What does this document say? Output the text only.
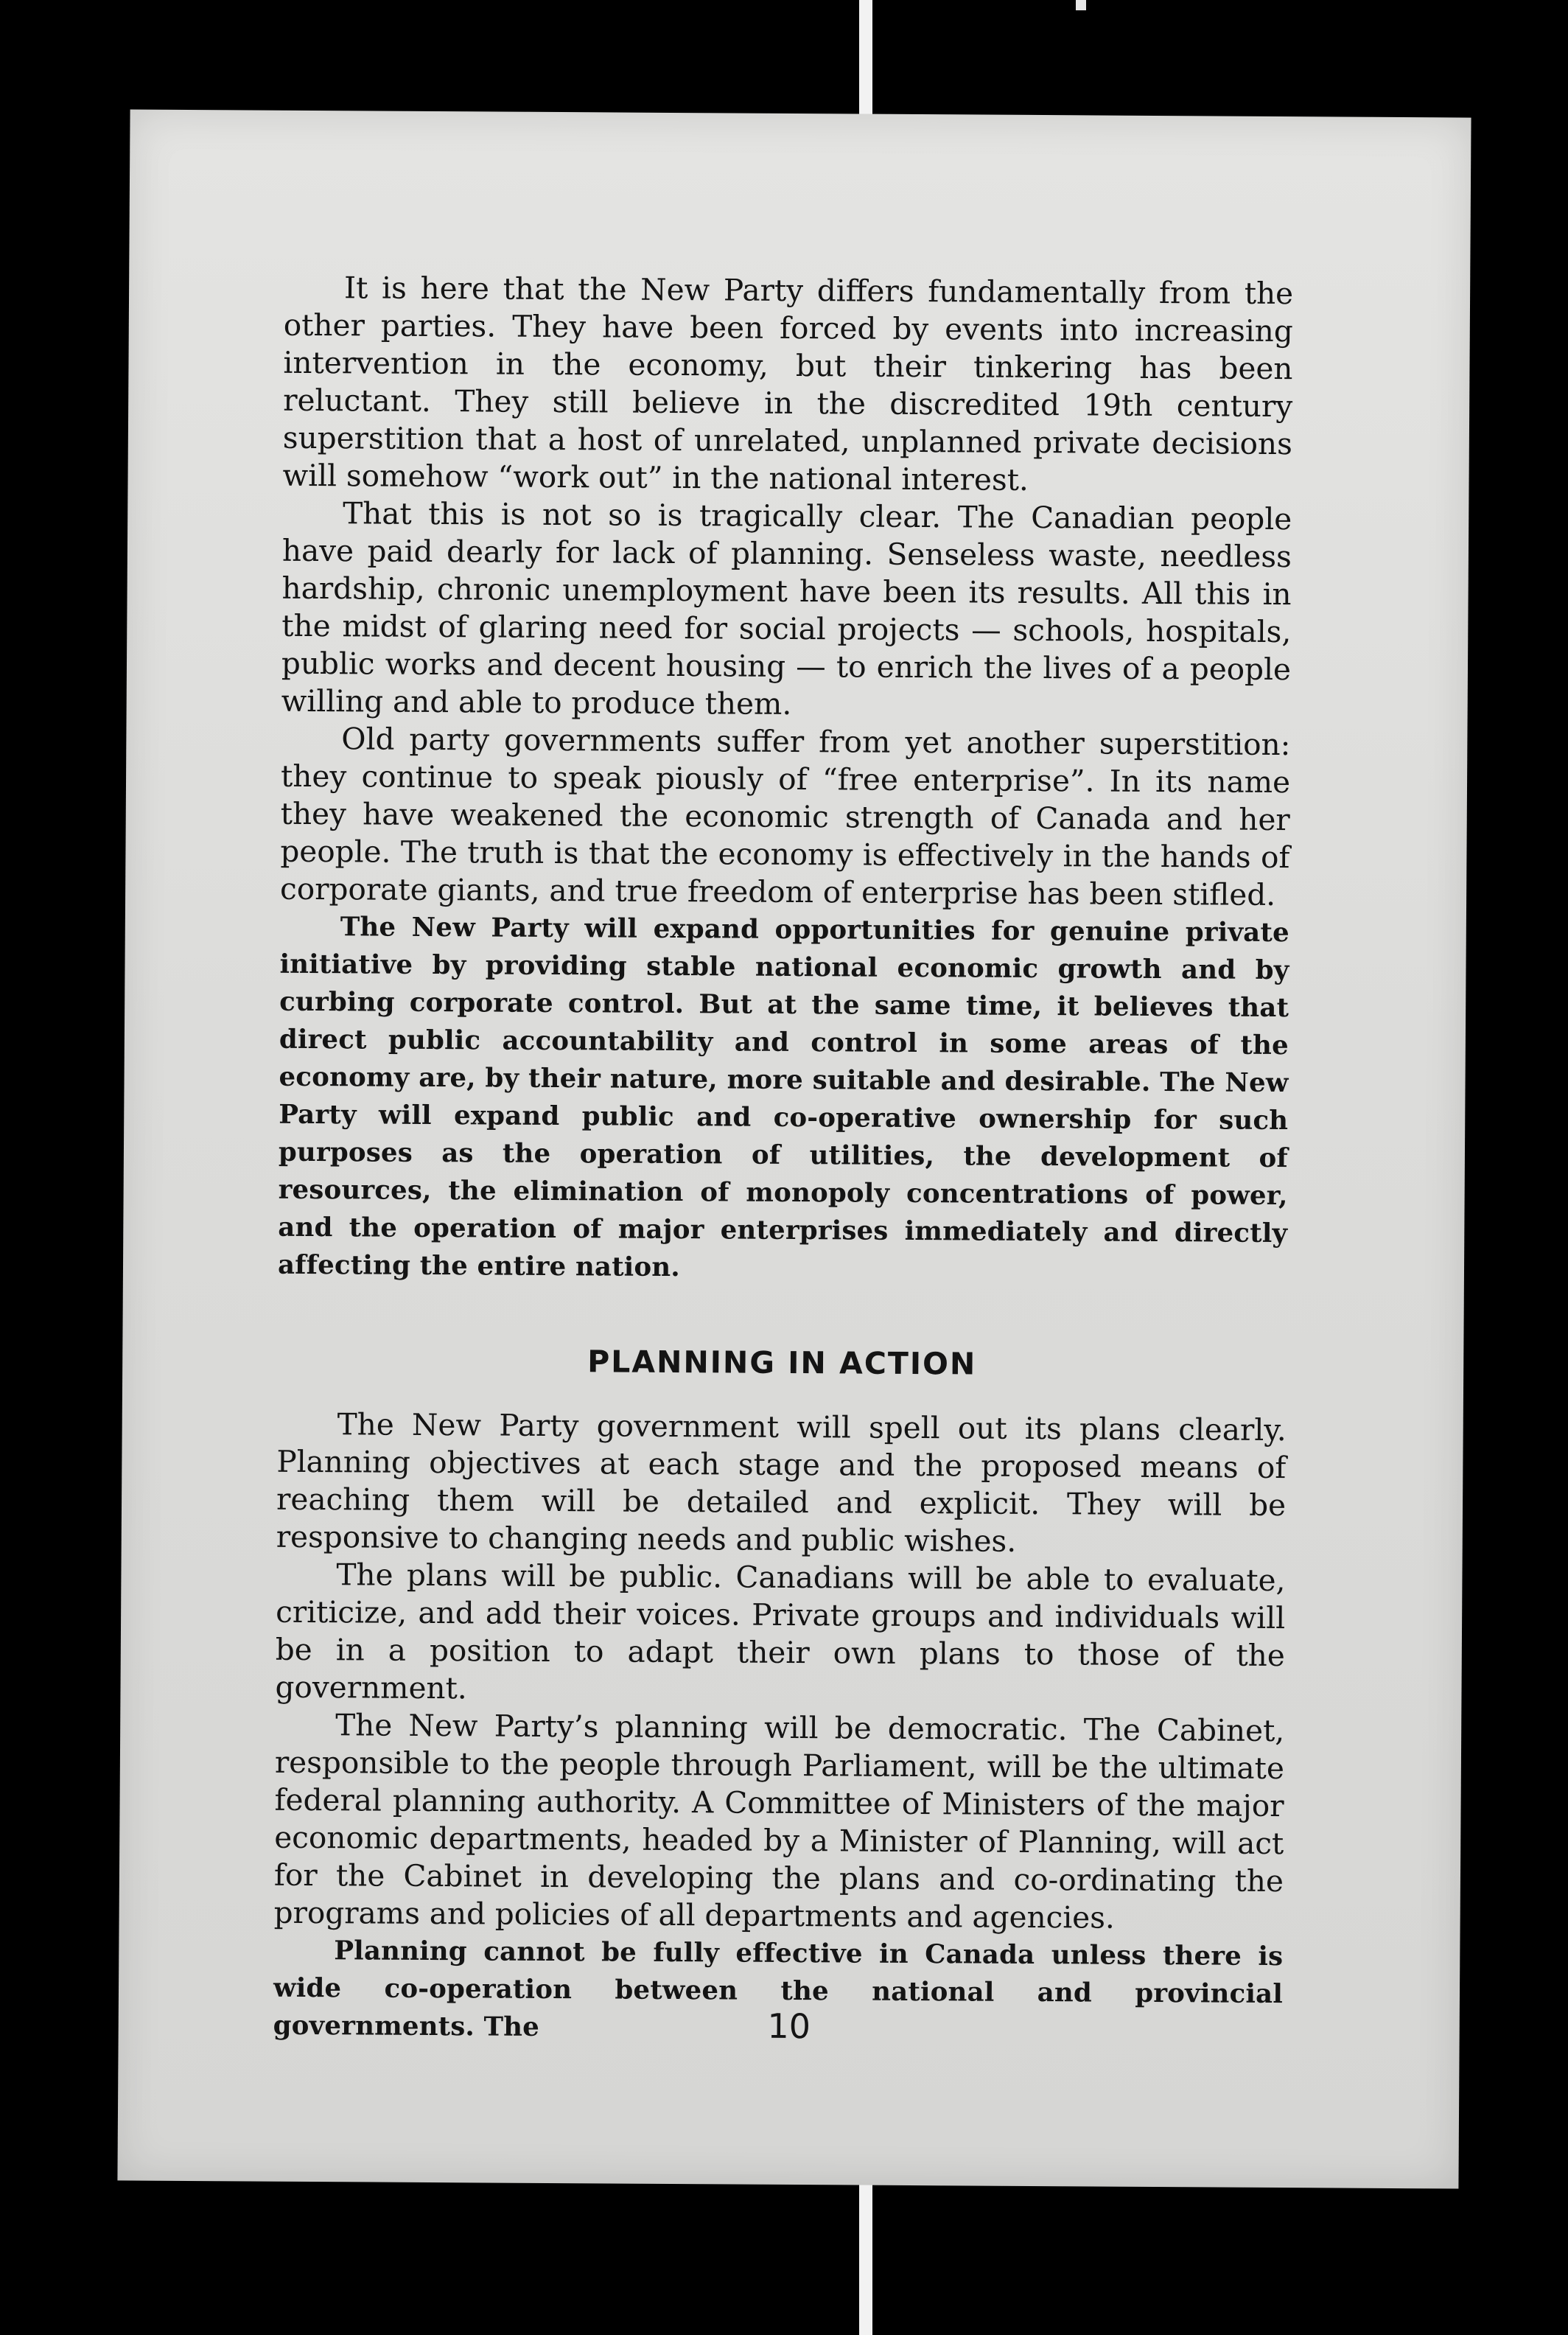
It is here that the New Party differs fundamentally from the other parties. They have been forced by events into increasing intervention in the economy, but their tinkering has been reluctant. They still believe in the discredited 19th century superstition that a host of unrelated, unplanned private decisions will somehow “work out” in the national interest.

That this is not so is tragically clear. The Canadian people have paid dearly for lack of planning. Senseless waste, needless hardship, chronic unemployment have been its results. All this in the midst of glaring need for social projects — schools, hospitals, public works and decent housing — to enrich the lives of a people willing and able to produce them.

Old party governments suffer from yet another superstition: they continue to speak piously of “free enterprise”. In its name they have weakened the economic strength of Canada and her people. The truth is that the economy is effectively in the hands of corporate giants, and true freedom of enterprise has been stifled.

The New Party will expand opportunities for genuine private initiative by providing stable national economic growth and by curbing corporate control. But at the same time, it believes that direct public accountability and control in some areas of the economy are, by their nature, more suitable and desirable. The New Party will expand public and co-operative ownership for such purposes as the operation of utilities, the development of resources, the elimination of monopoly concentrations of power, and the operation of major enterprises immediately and directly affecting the entire nation.

PLANNING IN ACTION

The New Party government will spell out its plans clearly. Planning objectives at each stage and the proposed means of reaching them will be detailed and explicit. They will be responsive to changing needs and public wishes.

The plans will be public. Canadians will be able to evaluate, criticize, and add their voices. Private groups and individuals will be in a position to adapt their own plans to those of the government.

The New Party’s planning will be democratic. The Cabinet, responsible to the people through Parliament, will be the ultimate federal planning authority. A Committee of Ministers of the major economic departments, headed by a Minister of Planning, will act for the Cabinet in developing the plans and co-ordinating the programs and policies of all departments and agencies.

Planning cannot be fully effective in Canada unless there is wide co-operation between the national and provincial governments. The	10
